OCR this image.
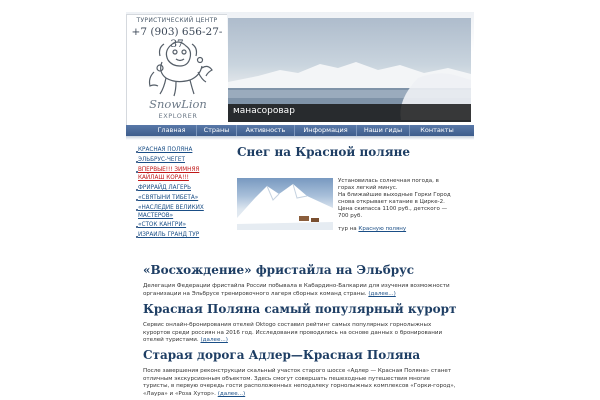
ТУРИСТИЧЕСКИЙ ЦЕНТР
+7 (903) 656-27-37
SnowLion
EXPLORER	манасоровар
Главная	Страны	Активность	Информация	Наши гиды	Контакты
КРАСНАЯ ПОЛЯНА
ЭЛЬБРУС-ЧЕГЕТ
ВПЕРВЫЕ!!! ЗИМНЯЯ
КАЙЛАШ КОРА!!!
ФРИРАЙД ЛАГЕРЬ
«СВЯТЫНИ ТИБЕТА»
«НАСЛЕДИЕ ВЕЛИКИХ
МАСТЕРОВ»
«СТОК КАНГРИ»
ИЗРАИЛЬ ГРАНД ТУР
Снег на Красной поляне
Установилась солнечная погода, в
горах легкий минус.
На ближайшие выходные Горки Город
снова открывает катание в Цирке-2.
Цена скипасса 1100 руб., детского —
700 руб.
тур на Красную поляну
«Восхождение» фристайла на Эльбрус
Делегация Федерации фристайла России побывала в Кабардино-Балкарии для изучения возможности
организации на Эльбрусе тренировочного лагеря сборных команд страны. (далее...)
Красная Поляна самый популярный курорт
Сервис онлайн-бронирования отелей Oktogo составил рейтинг самых популярных горнолыжных
курортов среди россиян на 2016 год. Исследования проводились на основе данных о бронировании
отелей туристами. (далее...)
Старая дорога Адлер—Красная Поляна
После завершения реконструкции скальный участок старого шоссе «Адлер — Красная Поляна» станет
отличным экскурсионным объектом. Здесь смогут совершать пешеходные путешествия многие
туристы, в первую очередь гости расположенных неподалеку горнолыжных комплексов «Горки-город»,
«Лаура» и «Роза Хутор». (далее...)
